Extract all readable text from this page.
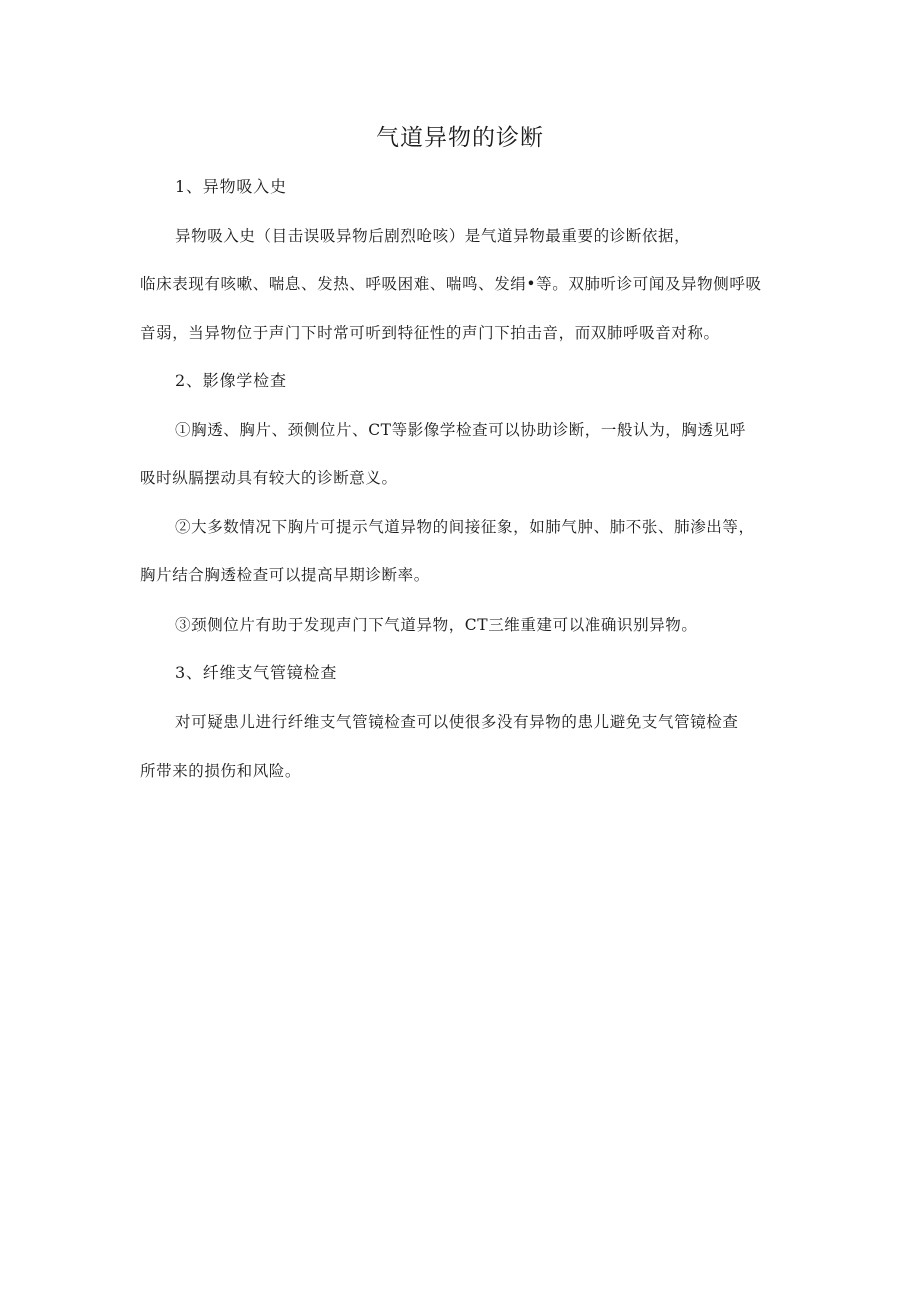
气道异物的诊断
1、异物吸入史
异物吸入史（目击误吸异物后剧烈呛咳）是气道异物最重要的诊断依据，
临床表现有咳嗽、喘息、发热、呼吸困难、喘鸣、发绢•等。双肺听诊可闻及异物侧呼吸
音弱，当异物位于声门下时常可听到特征性的声门下拍击音，而双肺呼吸音对称。
2、影像学检查
①胸透、胸片、颈侧位片、CT等影像学检查可以协助诊断，一般认为，胸透见呼
吸时纵膈摆动具有较大的诊断意义。
②大多数情况下胸片可提示气道异物的间接征象，如肺气肿、肺不张、肺渗出等，
胸片结合胸透检查可以提高早期诊断率。
③颈侧位片有助于发现声门下气道异物，CT三维重建可以准确识别异物。
3、纤维支气管镜检查
对可疑患儿进行纤维支气管镜检查可以使很多没有异物的患儿避免支气管镜检查
所带来的损伤和风险。
